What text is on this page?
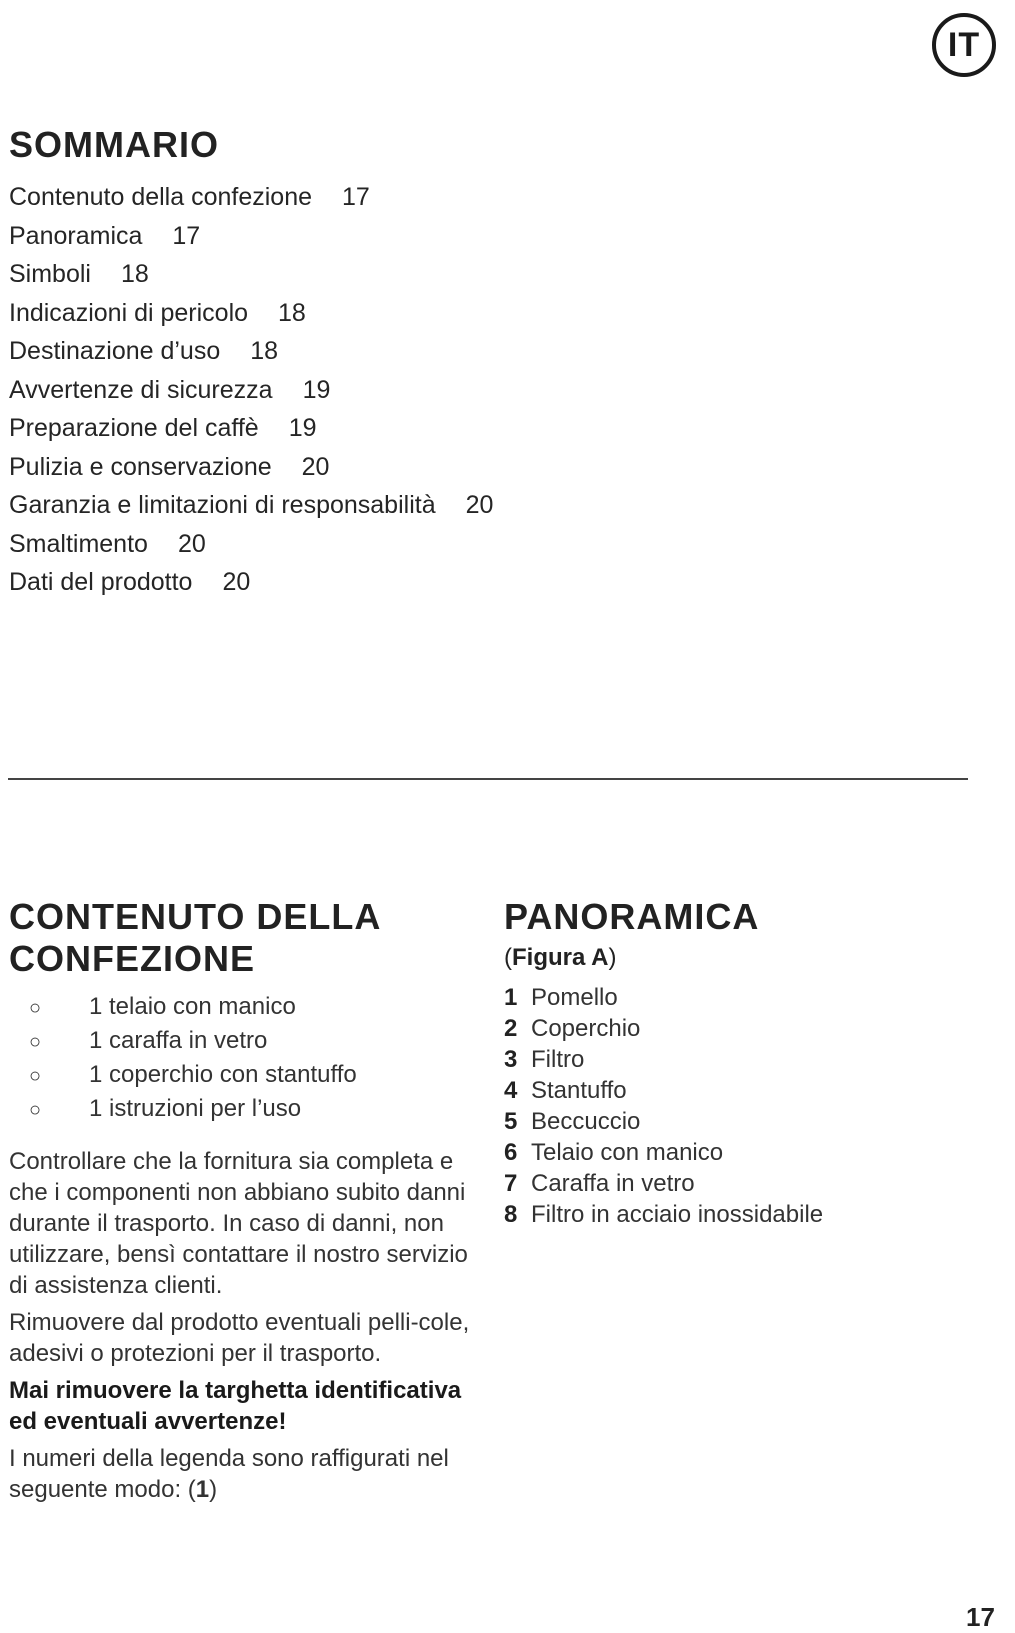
IT
SOMMARIO
Contenuto della confezione 17
Panoramica 17
Simboli 18
Indicazioni di pericolo 18
Destinazione d’uso 18
Avvertenze di sicurezza 19
Preparazione del caffè 19
Pulizia e conservazione 20
Garanzia e limitazioni di responsabilità 20
Smaltimento 20
Dati del prodotto 20
CONTENUTO DELLA
CONFEZIONE
○ 1 telaio con manico
○ 1 caraffa in vetro
○ 1 coperchio con stantuffo
○ 1 istruzioni per l’uso

Controllare che la fornitura sia completa e che i componenti non abbiano subito danni durante il trasporto. In caso di danni, non utilizzare, bensì contattare il nostro servizio di assistenza clienti.

Rimuovere dal prodotto eventuali pelli-cole, adesivi o protezioni per il trasporto.

Mai rimuovere la targhetta identificativa ed eventuali avvertenze!

I numeri della legenda sono raffigurati nel seguente modo: (1)

PANORAMICA

(Figura A)

1 Pomello
2 Coperchio
3 Filtro
4 Stantuffo
5 Beccuccio
6 Telaio con manico
7 Caraffa in vetro
8 Filtro in acciaio inossidabile
17
